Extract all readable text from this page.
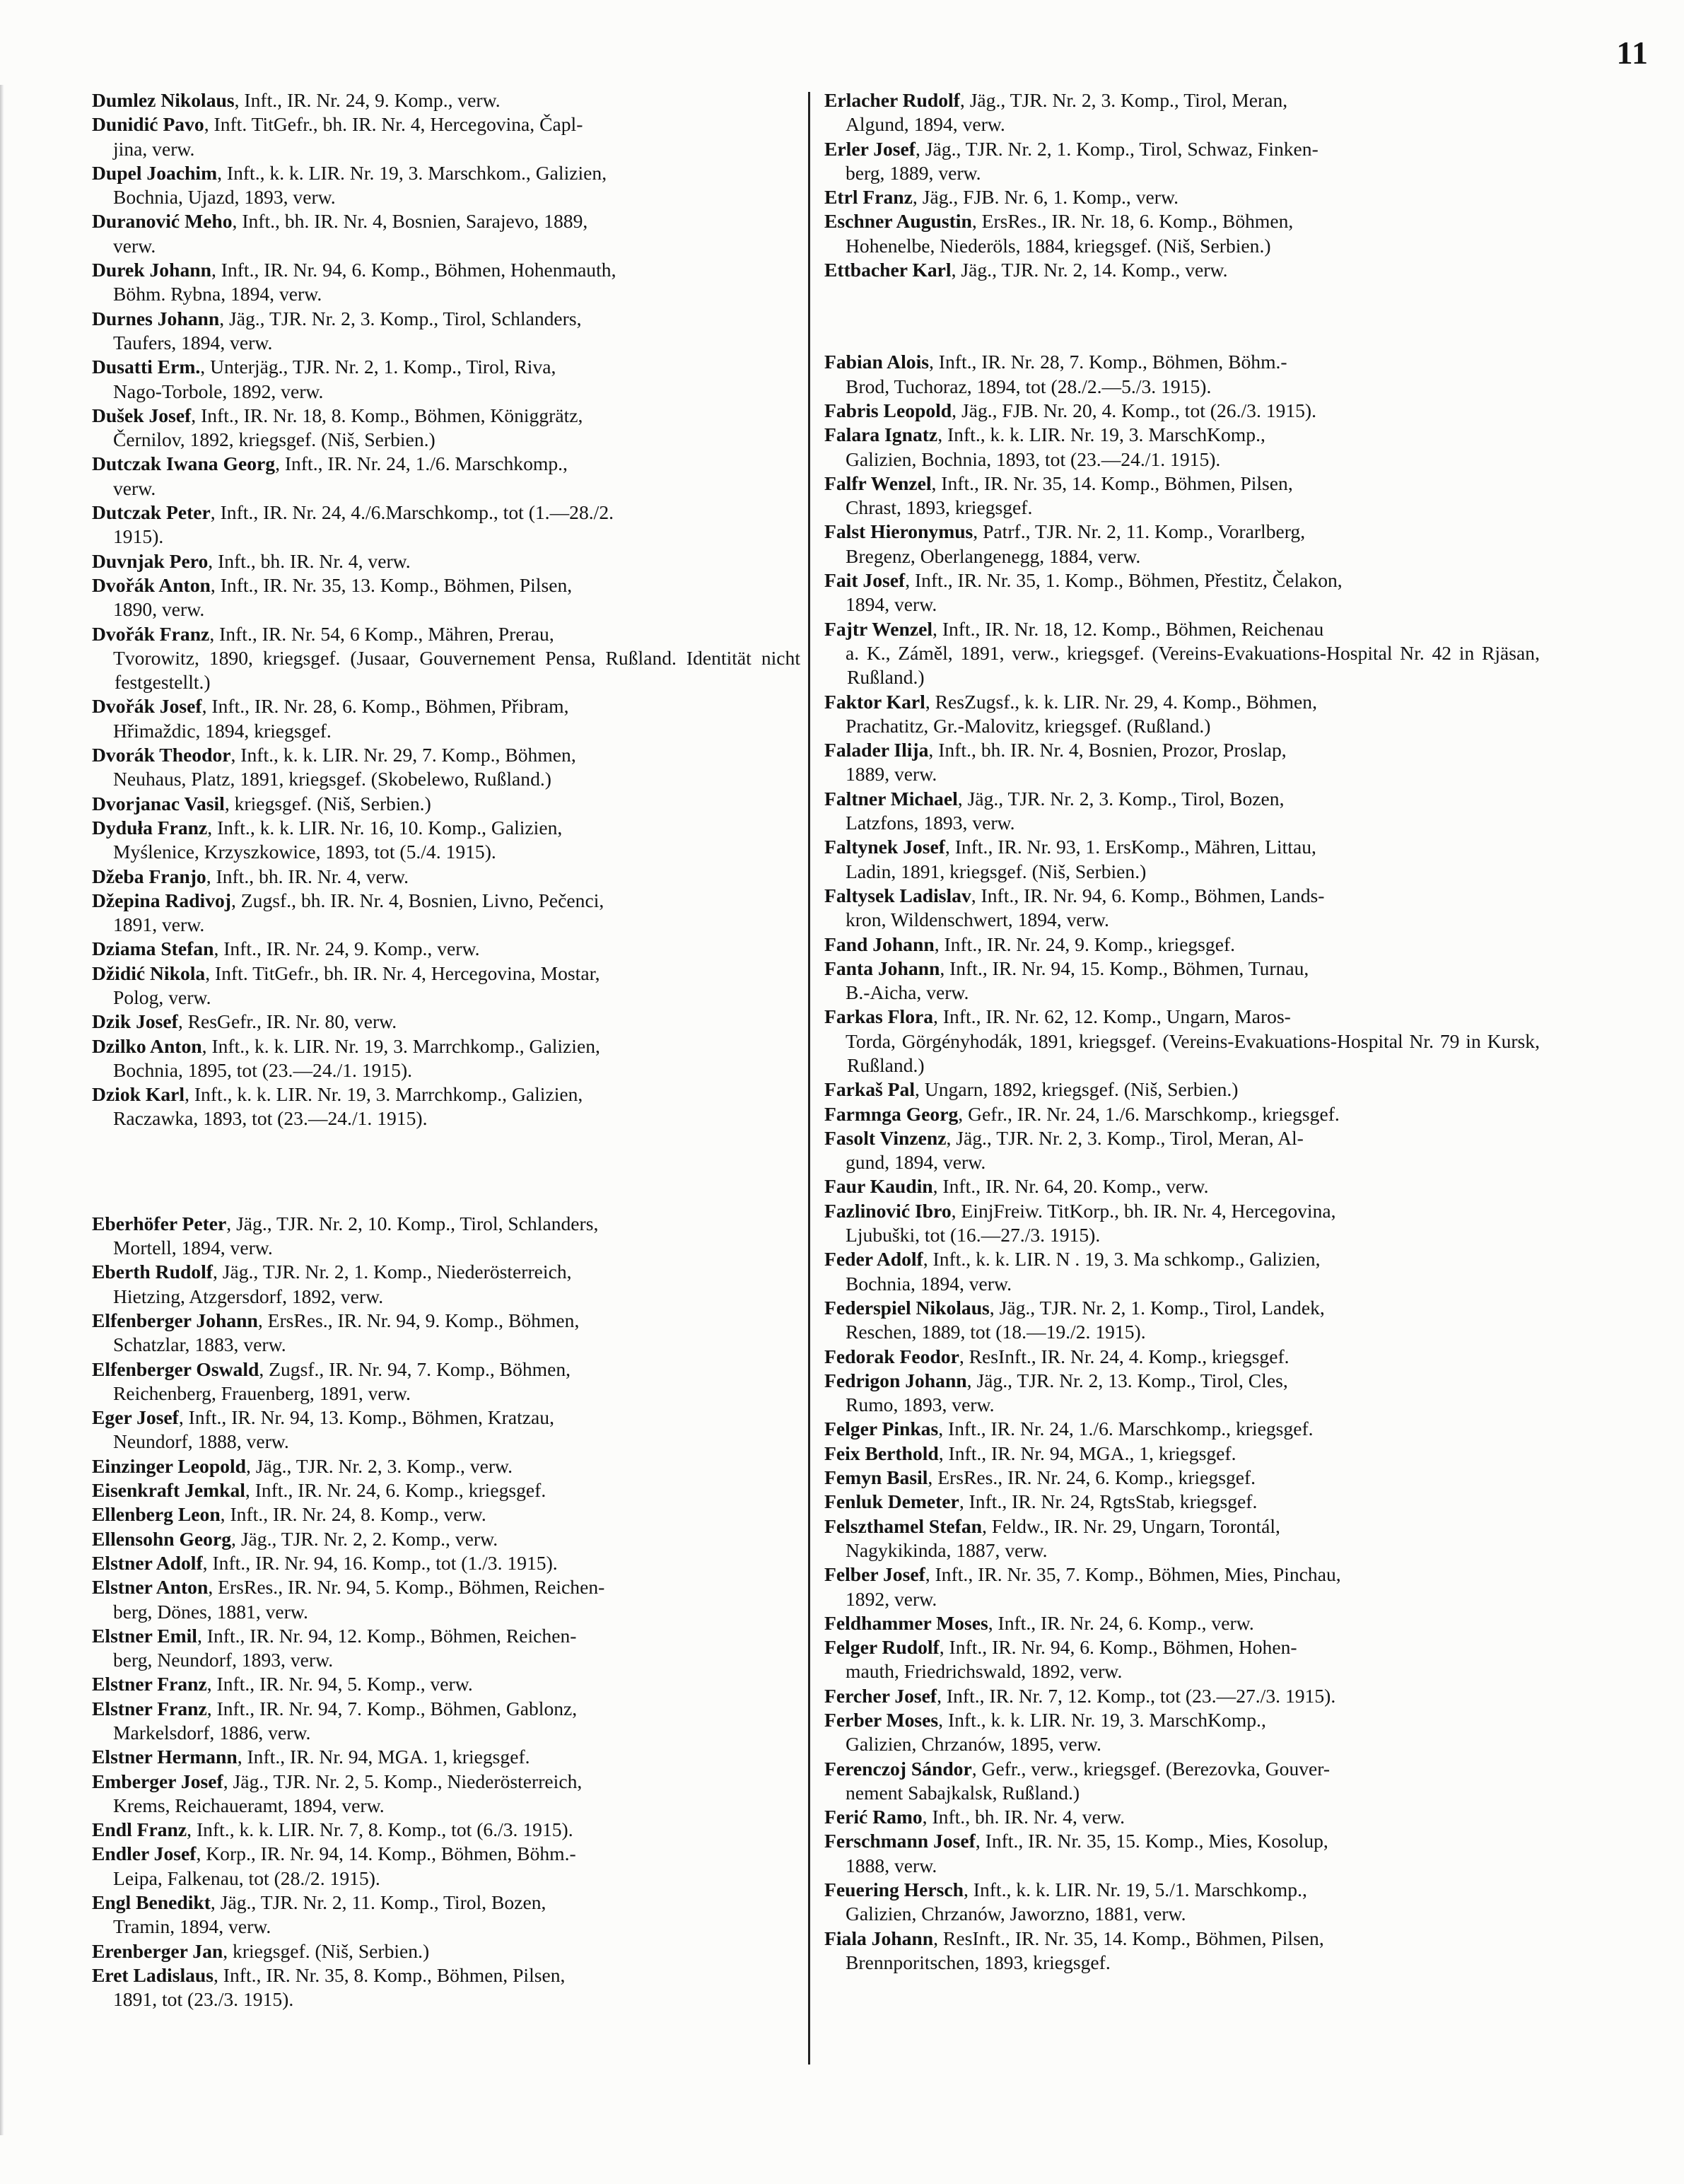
11

Dumlez Nikolaus, Inft., IR. Nr. 24, 9. Komp., verw.

Dunidić Pavo, Inft. TitGefr., bh. IR. Nr. 4, Hercegovina, Čapl-
jina, verw.

Dupel Joachim, Inft., k. k. LIR. Nr. 19, 3. Marschkom., Galizien,
Bochnia, Ujazd, 1893, verw.

Duranović Meho, Inft., bh. IR. Nr. 4, Bosnien, Sarajevo, 1889,
verw.

Durek Johann, Inft., IR. Nr. 94, 6. Komp., Böhmen, Hohenmauth,
Böhm. Rybna, 1894, verw.

Durnes Johann, Jäg., TJR. Nr. 2, 3. Komp., Tirol, Schlanders,
Taufers, 1894, verw.

Dusatti Erm., Unterjäg., TJR. Nr. 2, 1. Komp., Tirol, Riva,
Nago-Torbole, 1892, verw.

Dušek Josef, Inft., IR. Nr. 18, 8. Komp., Böhmen, Königgrätz,
Černilov, 1892, kriegsgef. (Niš, Serbien.)

Dutczak Iwana Georg, Inft., IR. Nr. 24, 1./6. Marschkomp.,
verw.

Dutczak Peter, Inft., IR. Nr. 24, 4./6.Marschkomp., tot (1.—28./2.
1915).

Duvnjak Pero, Inft., bh. IR. Nr. 4, verw.

Dvořák Anton, Inft., IR. Nr. 35, 13. Komp., Böhmen, Pilsen,
1890, verw.

Dvořák Franz, Inft., IR. Nr. 54, 6 Komp., Mähren, Prerau,
Tvorowitz, 1890, kriegsgef. (Jusaar, Gouvernement Pensa, Rußland. Identität nicht festgestellt.)

Dvořák Josef, Inft., IR. Nr. 28, 6. Komp., Böhmen, Přibram,
Hřimaždic, 1894, kriegsgef.

Dvorák Theodor, Inft., k. k. LIR. Nr. 29, 7. Komp., Böhmen,
Neuhaus, Platz, 1891, kriegsgef. (Skobelewo, Rußland.)

Dvorjanac Vasil, kriegsgef. (Niš, Serbien.)

Dyduła Franz, Inft., k. k. LIR. Nr. 16, 10. Komp., Galizien,
Myślenice, Krzyszkowice, 1893, tot (5./4. 1915).

Džeba Franjo, Inft., bh. IR. Nr. 4, verw.

Džepina Radivoj, Zugsf., bh. IR. Nr. 4, Bosnien, Livno, Pečenci,
1891, verw.

Dziama Stefan, Inft., IR. Nr. 24, 9. Komp., verw.

Džidić Nikola, Inft. TitGefr., bh. IR. Nr. 4, Hercegovina, Mostar,
Polog, verw.

Dzik Josef, ResGefr., IR. Nr. 80, verw.

Dzilko Anton, Inft., k. k. LIR. Nr. 19, 3. Marrchkomp., Galizien,
Bochnia, 1895, tot (23.—24./1. 1915).

Dziok Karl, Inft., k. k. LIR. Nr. 19, 3. Marrchkomp., Galizien,
Raczawka, 1893, tot (23.—24./1. 1915).

Eberhöfer Peter, Jäg., TJR. Nr. 2, 10. Komp., Tirol, Schlanders,
Mortell, 1894, verw.

Eberth Rudolf, Jäg., TJR. Nr. 2, 1. Komp., Niederösterreich,
Hietzing, Atzgersdorf, 1892, verw.

Elfenberger Johann, ErsRes., IR. Nr. 94, 9. Komp., Böhmen,
Schatzlar, 1883, verw.

Elfenberger Oswald, Zugsf., IR. Nr. 94, 7. Komp., Böhmen,
Reichenberg, Frauenberg, 1891, verw.

Eger Josef, Inft., IR. Nr. 94, 13. Komp., Böhmen, Kratzau,
Neundorf, 1888, verw.

Einzinger Leopold, Jäg., TJR. Nr. 2, 3. Komp., verw.

Eisenkraft Jemkal, Inft., IR. Nr. 24, 6. Komp., kriegsgef.

Ellenberg Leon, Inft., IR. Nr. 24, 8. Komp., verw.

Ellensohn Georg, Jäg., TJR. Nr. 2, 2. Komp., verw.

Elstner Adolf, Inft., IR. Nr. 94, 16. Komp., tot (1./3. 1915).

Elstner Anton, ErsRes., IR. Nr. 94, 5. Komp., Böhmen, Reichen-
berg, Dönes, 1881, verw.

Elstner Emil, Inft., IR. Nr. 94, 12. Komp., Böhmen, Reichen-
berg, Neundorf, 1893, verw.

Elstner Franz, Inft., IR. Nr. 94, 5. Komp., verw.

Elstner Franz, Inft., IR. Nr. 94, 7. Komp., Böhmen, Gablonz,
Markelsdorf, 1886, verw.

Elstner Hermann, Inft., IR. Nr. 94, MGA. 1, kriegsgef.

Emberger Josef, Jäg., TJR. Nr. 2, 5. Komp., Niederösterreich,
Krems, Reichaueramt, 1894, verw.

Endl Franz, Inft., k. k. LIR. Nr. 7, 8. Komp., tot (6./3. 1915).

Endler Josef, Korp., IR. Nr. 94, 14. Komp., Böhmen, Böhm.-
Leipa, Falkenau, tot (28./2. 1915).

Engl Benedikt, Jäg., TJR. Nr. 2, 11. Komp., Tirol, Bozen,
Tramin, 1894, verw.

Erenberger Jan, kriegsgef. (Niš, Serbien.)

Eret Ladislaus, Inft., IR. Nr. 35, 8. Komp., Böhmen, Pilsen,
1891, tot (23./3. 1915).

Erlacher Rudolf, Jäg., TJR. Nr. 2, 3. Komp., Tirol, Meran,
Algund, 1894, verw.

Erler Josef, Jäg., TJR. Nr. 2, 1. Komp., Tirol, Schwaz, Finken-
berg, 1889, verw.

Etrl Franz, Jäg., FJB. Nr. 6, 1. Komp., verw.

Eschner Augustin, ErsRes., IR. Nr. 18, 6. Komp., Böhmen,
Hohenelbe, Niederöls, 1884, kriegsgef. (Niš, Serbien.)

Ettbacher Karl, Jäg., TJR. Nr. 2, 14. Komp., verw.

Fabian Alois, Inft., IR. Nr. 28, 7. Komp., Böhmen, Böhm.-
Brod, Tuchoraz, 1894, tot (28./2.—5./3. 1915).

Fabris Leopold, Jäg., FJB. Nr. 20, 4. Komp., tot (26./3. 1915).

Falara Ignatz, Inft., k. k. LIR. Nr. 19, 3. MarschKomp.,
Galizien, Bochnia, 1893, tot (23.—24./1. 1915).

Falfr Wenzel, Inft., IR. Nr. 35, 14. Komp., Böhmen, Pilsen,
Chrast, 1893, kriegsgef.

Falst Hieronymus, Patrf., TJR. Nr. 2, 11. Komp., Vorarlberg,
Bregenz, Oberlangenegg, 1884, verw.

Fait Josef, Inft., IR. Nr. 35, 1. Komp., Böhmen, Přestitz, Čelakon,
1894, verw.

Fajtr Wenzel, Inft., IR. Nr. 18, 12. Komp., Böhmen, Reichenau
a. K., Záměl, 1891, verw., kriegsgef. (Vereins-Evakuations-Hospital Nr. 42 in Rjäsan, Rußland.)

Faktor Karl, ResZugsf., k. k. LIR. Nr. 29, 4. Komp., Böhmen,
Prachatitz, Gr.-Malovitz, kriegsgef. (Rußland.)

Falader Ilija, Inft., bh. IR. Nr. 4, Bosnien, Prozor, Proslap,
1889, verw.

Faltner Michael, Jäg., TJR. Nr. 2, 3. Komp., Tirol, Bozen,
Latzfons, 1893, verw.

Faltynek Josef, Inft., IR. Nr. 93, 1. ErsKomp., Mähren, Littau,
Ladin, 1891, kriegsgef. (Niš, Serbien.)

Faltysek Ladislav, Inft., IR. Nr. 94, 6. Komp., Böhmen, Lands-
kron, Wildenschwert, 1894, verw.

Fand Johann, Inft., IR. Nr. 24, 9. Komp., kriegsgef.

Fanta Johann, Inft., IR. Nr. 94, 15. Komp., Böhmen, Turnau,
B.-Aicha, verw.

Farkas Flora, Inft., IR. Nr. 62, 12. Komp., Ungarn, Maros-
Torda, Görgényhodák, 1891, kriegsgef. (Vereins-Evakuations-Hospital Nr. 79 in Kursk, Rußland.)

Farkaš Pal, Ungarn, 1892, kriegsgef. (Niš, Serbien.)

Farmnga Georg, Gefr., IR. Nr. 24, 1./6. Marschkomp., kriegsgef.

Fasolt Vinzenz, Jäg., TJR. Nr. 2, 3. Komp., Tirol, Meran, Al-
gund, 1894, verw.

Faur Kaudin, Inft., IR. Nr. 64, 20. Komp., verw.

Fazlinović Ibro, EinjFreiw. TitKorp., bh. IR. Nr. 4, Hercegovina,
Ljubuški, tot (16.—27./3. 1915).

Feder Adolf, Inft., k. k. LIR. N . 19, 3. Ma schkomp., Galizien,
Bochnia, 1894, verw.

Federspiel Nikolaus, Jäg., TJR. Nr. 2, 1. Komp., Tirol, Landek,
Reschen, 1889, tot (18.—19./2. 1915).

Fedorak Feodor, ResInft., IR. Nr. 24, 4. Komp., kriegsgef.

Fedrigon Johann, Jäg., TJR. Nr. 2, 13. Komp., Tirol, Cles,
Rumo, 1893, verw.

Felger Pinkas, Inft., IR. Nr. 24, 1./6. Marschkomp., kriegsgef.

Feix Berthold, Inft., IR. Nr. 94, MGA., 1, kriegsgef.

Femyn Basil, ErsRes., IR. Nr. 24, 6. Komp., kriegsgef.

Fenluk Demeter, Inft., IR. Nr. 24, RgtsStab, kriegsgef.

Felszthamel Stefan, Feldw., IR. Nr. 29, Ungarn, Torontál,
Nagykikinda, 1887, verw.

Felber Josef, Inft., IR. Nr. 35, 7. Komp., Böhmen, Mies, Pinchau,
1892, verw.

Feldhammer Moses, Inft., IR. Nr. 24, 6. Komp., verw.

Felger Rudolf, Inft., IR. Nr. 94, 6. Komp., Böhmen, Hohen-
mauth, Friedrichswald, 1892, verw.

Fercher Josef, Inft., IR. Nr. 7, 12. Komp., tot (23.—27./3. 1915).

Ferber Moses, Inft., k. k. LIR. Nr. 19, 3. MarschKomp.,
Galizien, Chrzanów, 1895, verw.

Ferenczoj Sándor, Gefr., verw., kriegsgef. (Berezovka, Gouver-
nement Sabajkalsk, Rußland.)

Ferić Ramo, Inft., bh. IR. Nr. 4, verw.

Ferschmann Josef, Inft., IR. Nr. 35, 15. Komp., Mies, Kosolup,
1888, verw.

Feuering Hersch, Inft., k. k. LIR. Nr. 19, 5./1. Marschkomp.,
Galizien, Chrzanów, Jaworzno, 1881, verw.

Fiala Johann, ResInft., IR. Nr. 35, 14. Komp., Böhmen, Pilsen,
Brennporitschen, 1893, kriegsgef.
